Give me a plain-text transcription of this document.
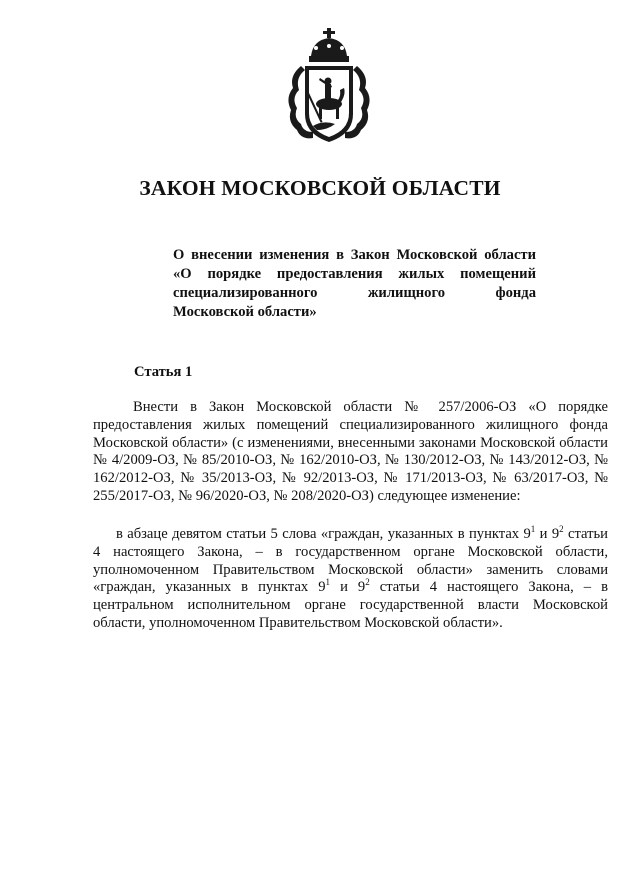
ЗАКОН МОСКОВСКОЙ ОБЛАСТИ
О внесении изменения в Закон Московской области
«О порядке предоставления жилых помещений
специализированного жилищного фонда
Московской области»
Статья 1
Внести в Закон Московской области № 257/2006-ОЗ «О порядке предоставления жилых помещений специализированного жилищного фонда Московской области» (с изменениями, внесенными законами Московской области № 4/2009-ОЗ, № 85/2010-ОЗ, № 162/2010-ОЗ, № 130/2012-ОЗ, № 143/2012-ОЗ, № 162/2012-ОЗ, № 35/2013-ОЗ, № 92/2013-ОЗ, № 171/2013-ОЗ, № 63/2017-ОЗ, № 255/2017-ОЗ, № 96/2020-ОЗ, № 208/2020-ОЗ) следующее изменение:
в абзаце девятом статьи 5 слова «граждан, указанных в пунктах $9^1$ и $9^2$ статьи 4 настоящего Закона, – в государственном органе Московской области, уполномоченном Правительством Московской области» заменить словами «граждан, указанных в пунктах $9^1$ и $9^2$ статьи 4 настоящего Закона, – в центральном исполнительном органе государственной власти Московской области, уполномоченном Правительством Московской области».
